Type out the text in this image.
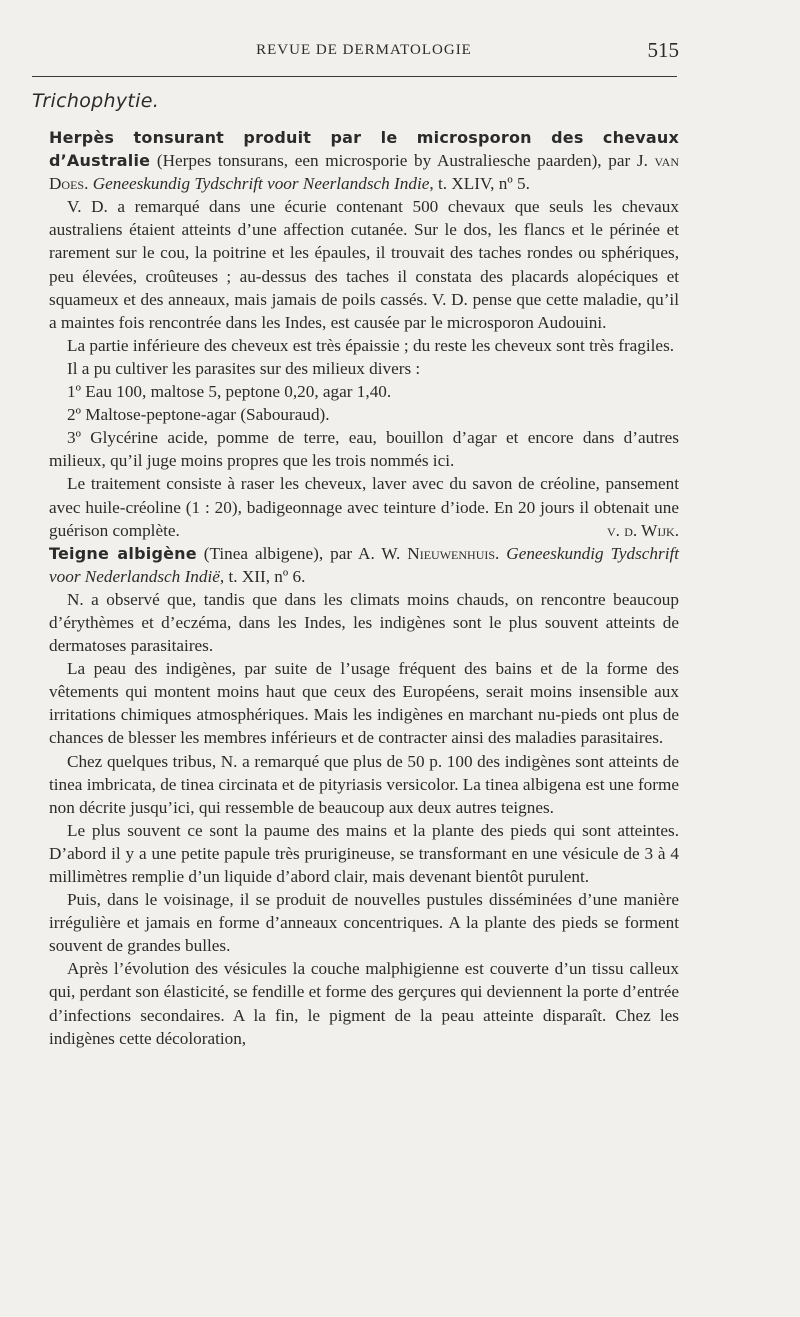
REVUE DE DERMATOLOGIE	515
Trichophytie.

Herpès tonsurant produit par le microsporon des chevaux d’Australie (Herpes tonsurans, een microsporie by Australiesche paarden), par J. van Does. Geneeskundig Tydschrift voor Neerlandsch Indie, t. XLIV, nº 5.

V. D. a remarqué dans une écurie contenant 500 chevaux que seuls les chevaux australiens étaient atteints d’une affection cutanée. Sur le dos, les flancs et le périnée et rarement sur le cou, la poitrine et les épaules, il trouvait des taches rondes ou sphériques, peu élevées, croûteuses ; au-dessus des taches il constata des placards alopéciques et squameux et des anneaux, mais jamais de poils cassés. V. D. pense que cette maladie, qu’il a maintes fois rencontrée dans les Indes, est causée par le microsporon Audouini.

La partie inférieure des cheveux est très épaissie ; du reste les cheveux sont très fragiles.

Il a pu cultiver les parasites sur des milieux divers :

1º Eau 100, maltose 5, peptone 0,20, agar 1,40.

2º Maltose-peptone-agar (Sabouraud).

3º Glycérine acide, pomme de terre, eau, bouillon d’agar et encore dans d’autres milieux, qu’il juge moins propres que les trois nommés ici.

Le traitement consiste à raser les cheveux, laver avec du savon de créoline, pansement avec huile-créoline (1 : 20), badigeonnage avec teinture d’iode. En 20 jours il obtenait une guérison complète.	v. d. Wijk.

Teigne albigène (Tinea albigene), par A. W. Nieuwenhuis. Geneeskundig Tydschrift voor Nederlandsch Indië, t. XII, nº 6.

N. a observé que, tandis que dans les climats moins chauds, on rencontre beaucoup d’érythèmes et d’eczéma, dans les Indes, les indigènes sont le plus souvent atteints de dermatoses parasitaires.

La peau des indigènes, par suite de l’usage fréquent des bains et de la forme des vêtements qui montent moins haut que ceux des Européens, serait moins insensible aux irritations chimiques atmosphériques. Mais les indigènes en marchant nu-pieds ont plus de chances de blesser les membres inférieurs et de contracter ainsi des maladies parasitaires.

Chez quelques tribus, N. a remarqué que plus de 50 p. 100 des indigènes sont atteints de tinea imbricata, de tinea circinata et de pityriasis versicolor. La tinea albigena est une forme non décrite jusqu’ici, qui ressemble de beaucoup aux deux autres teignes.

Le plus souvent ce sont la paume des mains et la plante des pieds qui sont atteintes. D’abord il y a une petite papule très prurigineuse, se transformant en une vésicule de 3 à 4 millimètres remplie d’un liquide d’abord clair, mais devenant bientôt purulent.

Puis, dans le voisinage, il se produit de nouvelles pustules disséminées d’une manière irrégulière et jamais en forme d’anneaux concentriques. A la plante des pieds se forment souvent de grandes bulles.

Après l’évolution des vésicules la couche malphigienne est couverte d’un tissu calleux qui, perdant son élasticité, se fendille et forme des gerçures qui deviennent la porte d’entrée d’infections secondaires. A la fin, le pigment de la peau atteinte disparaît. Chez les indigènes cette décoloration,
